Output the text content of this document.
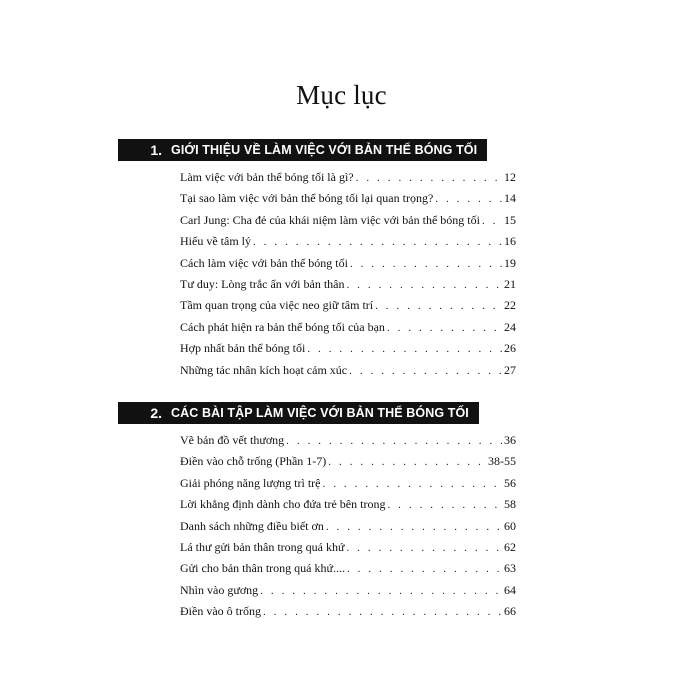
Mục lục
1. GIỚI THIỆU VỀ LÀM VIỆC VỚI BẢN THỂ BÓNG TỐI
Làm việc với bản thể bóng tối là gì? . . .	12
Tại sao làm việc với bản thể bóng tối lại quan trọng? . . .	14
Carl Jung: Cha đẻ của khái niệm làm việc với bản thể bóng tối . . . 15
Hiểu về tâm lý . . .	16
Cách làm việc với bản thể bóng tối . . .	19
Tư duy: Lòng trắc ẩn với bản thân . . .	21
Tầm quan trọng của việc neo giữ tâm trí . . .	22
Cách phát hiện ra bản thể bóng tối của bạn . . .	24
Hợp nhất bản thể bóng tối . . .	26
Những tác nhân kích hoạt cảm xúc . . .	27
2. CÁC BÀI TẬP LÀM VIỆC VỚI BẢN THỂ BÓNG TỐI
Vẽ bản đồ vết thương . . .	36
Điền vào chỗ trống (Phần 1-7) . . .	38-55
Giải phóng năng lượng trì trệ . . .	56
Lời khẳng định dành cho đứa trẻ bên trong . . .	58
Danh sách những điều biết ơn . . .	60
Lá thư gửi bản thân trong quá khứ . . .	62
Gửi cho bản thân trong quá khứ.... . . .	63
Nhìn vào gương . . .	64
Điền vào ô trống . . .	66
